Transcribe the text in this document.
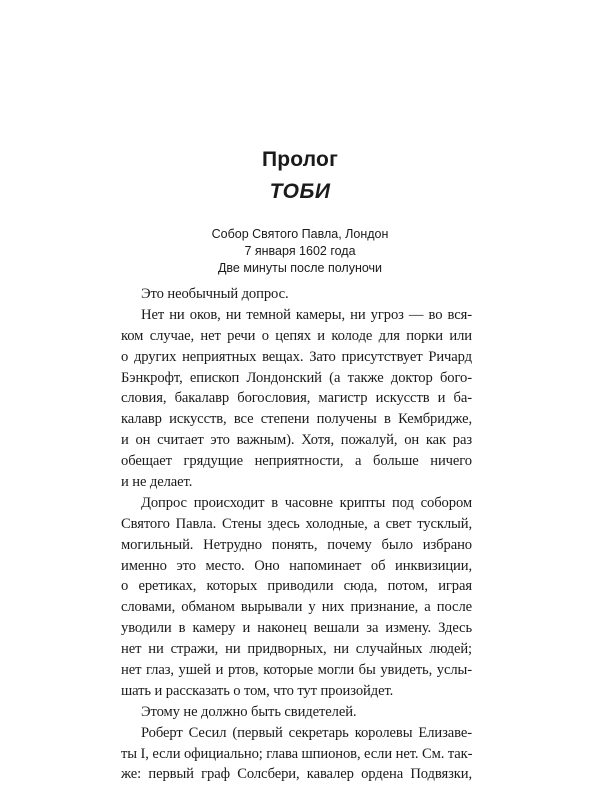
Пролог
ТОБИ
Собор Святого Павла, Лондон
7 января 1602 года
Две минуты после полуночи
Это необычный допрос.
Нет ни оков, ни темной камеры, ни угроз — во вся-
ком случае, нет речи о цепях и колоде для порки или
о других неприятных вещах. Зато присутствует Ричард
Бэнкрофт, епископ Лондонский (а также доктор бого-
словия, бакалавр богословия, магистр искусств и ба-
калавр искусств, все степени получены в Кембридже,
и он считает это важным). Хотя, пожалуй, он как раз
обещает грядущие неприятности, а больше ничего
и не делает.
Допрос происходит в часовне крипты под собором
Святого Павла. Стены здесь холодные, а свет тусклый,
могильный. Нетрудно понять, почему было избрано
именно это место. Оно напоминает об инквизиции,
о еретиках, которых приводили сюда, потом, играя
словами, обманом вырывали у них признание, а после
уводили в камеру и наконец вешали за измену. Здесь
нет ни стражи, ни придворных, ни случайных людей;
нет глаз, ушей и ртов, которые могли бы увидеть, услы-
шать и рассказать о том, что тут произойдет.
Этому не должно быть свидетелей.
Роберт Сесил (первый секретарь королевы Елизаве-
ты I, если официально; глава шпионов, если нет. См. так-
же: первый граф Солсбери, кавалер ордена Подвязки,
